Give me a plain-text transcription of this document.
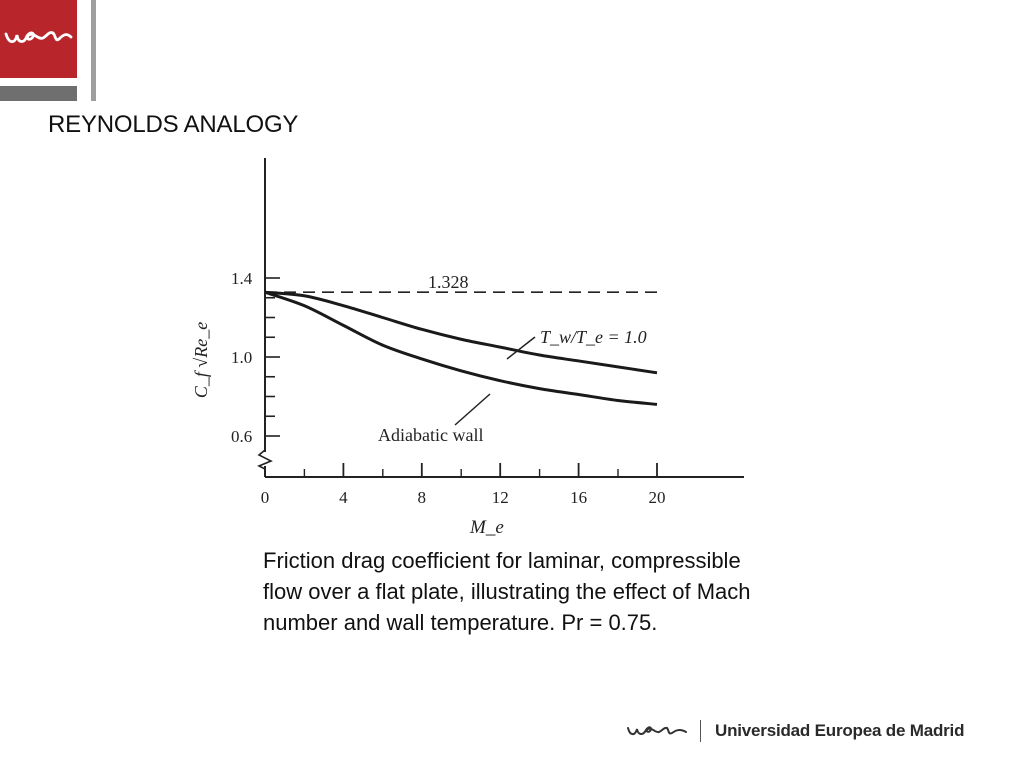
REYNOLDS ANALOGY
0.6
1.0
1.4
0	4	8	12	16	20
1.328
T_w/T_e = 1.0
Adiabatic wall
C_f √Re_e
M_e
Friction drag coefficient for laminar, compressible flow over a flat plate, illustrating the effect of Mach number and wall temperature. Pr = 0.75.
Universidad Europea de Madrid
